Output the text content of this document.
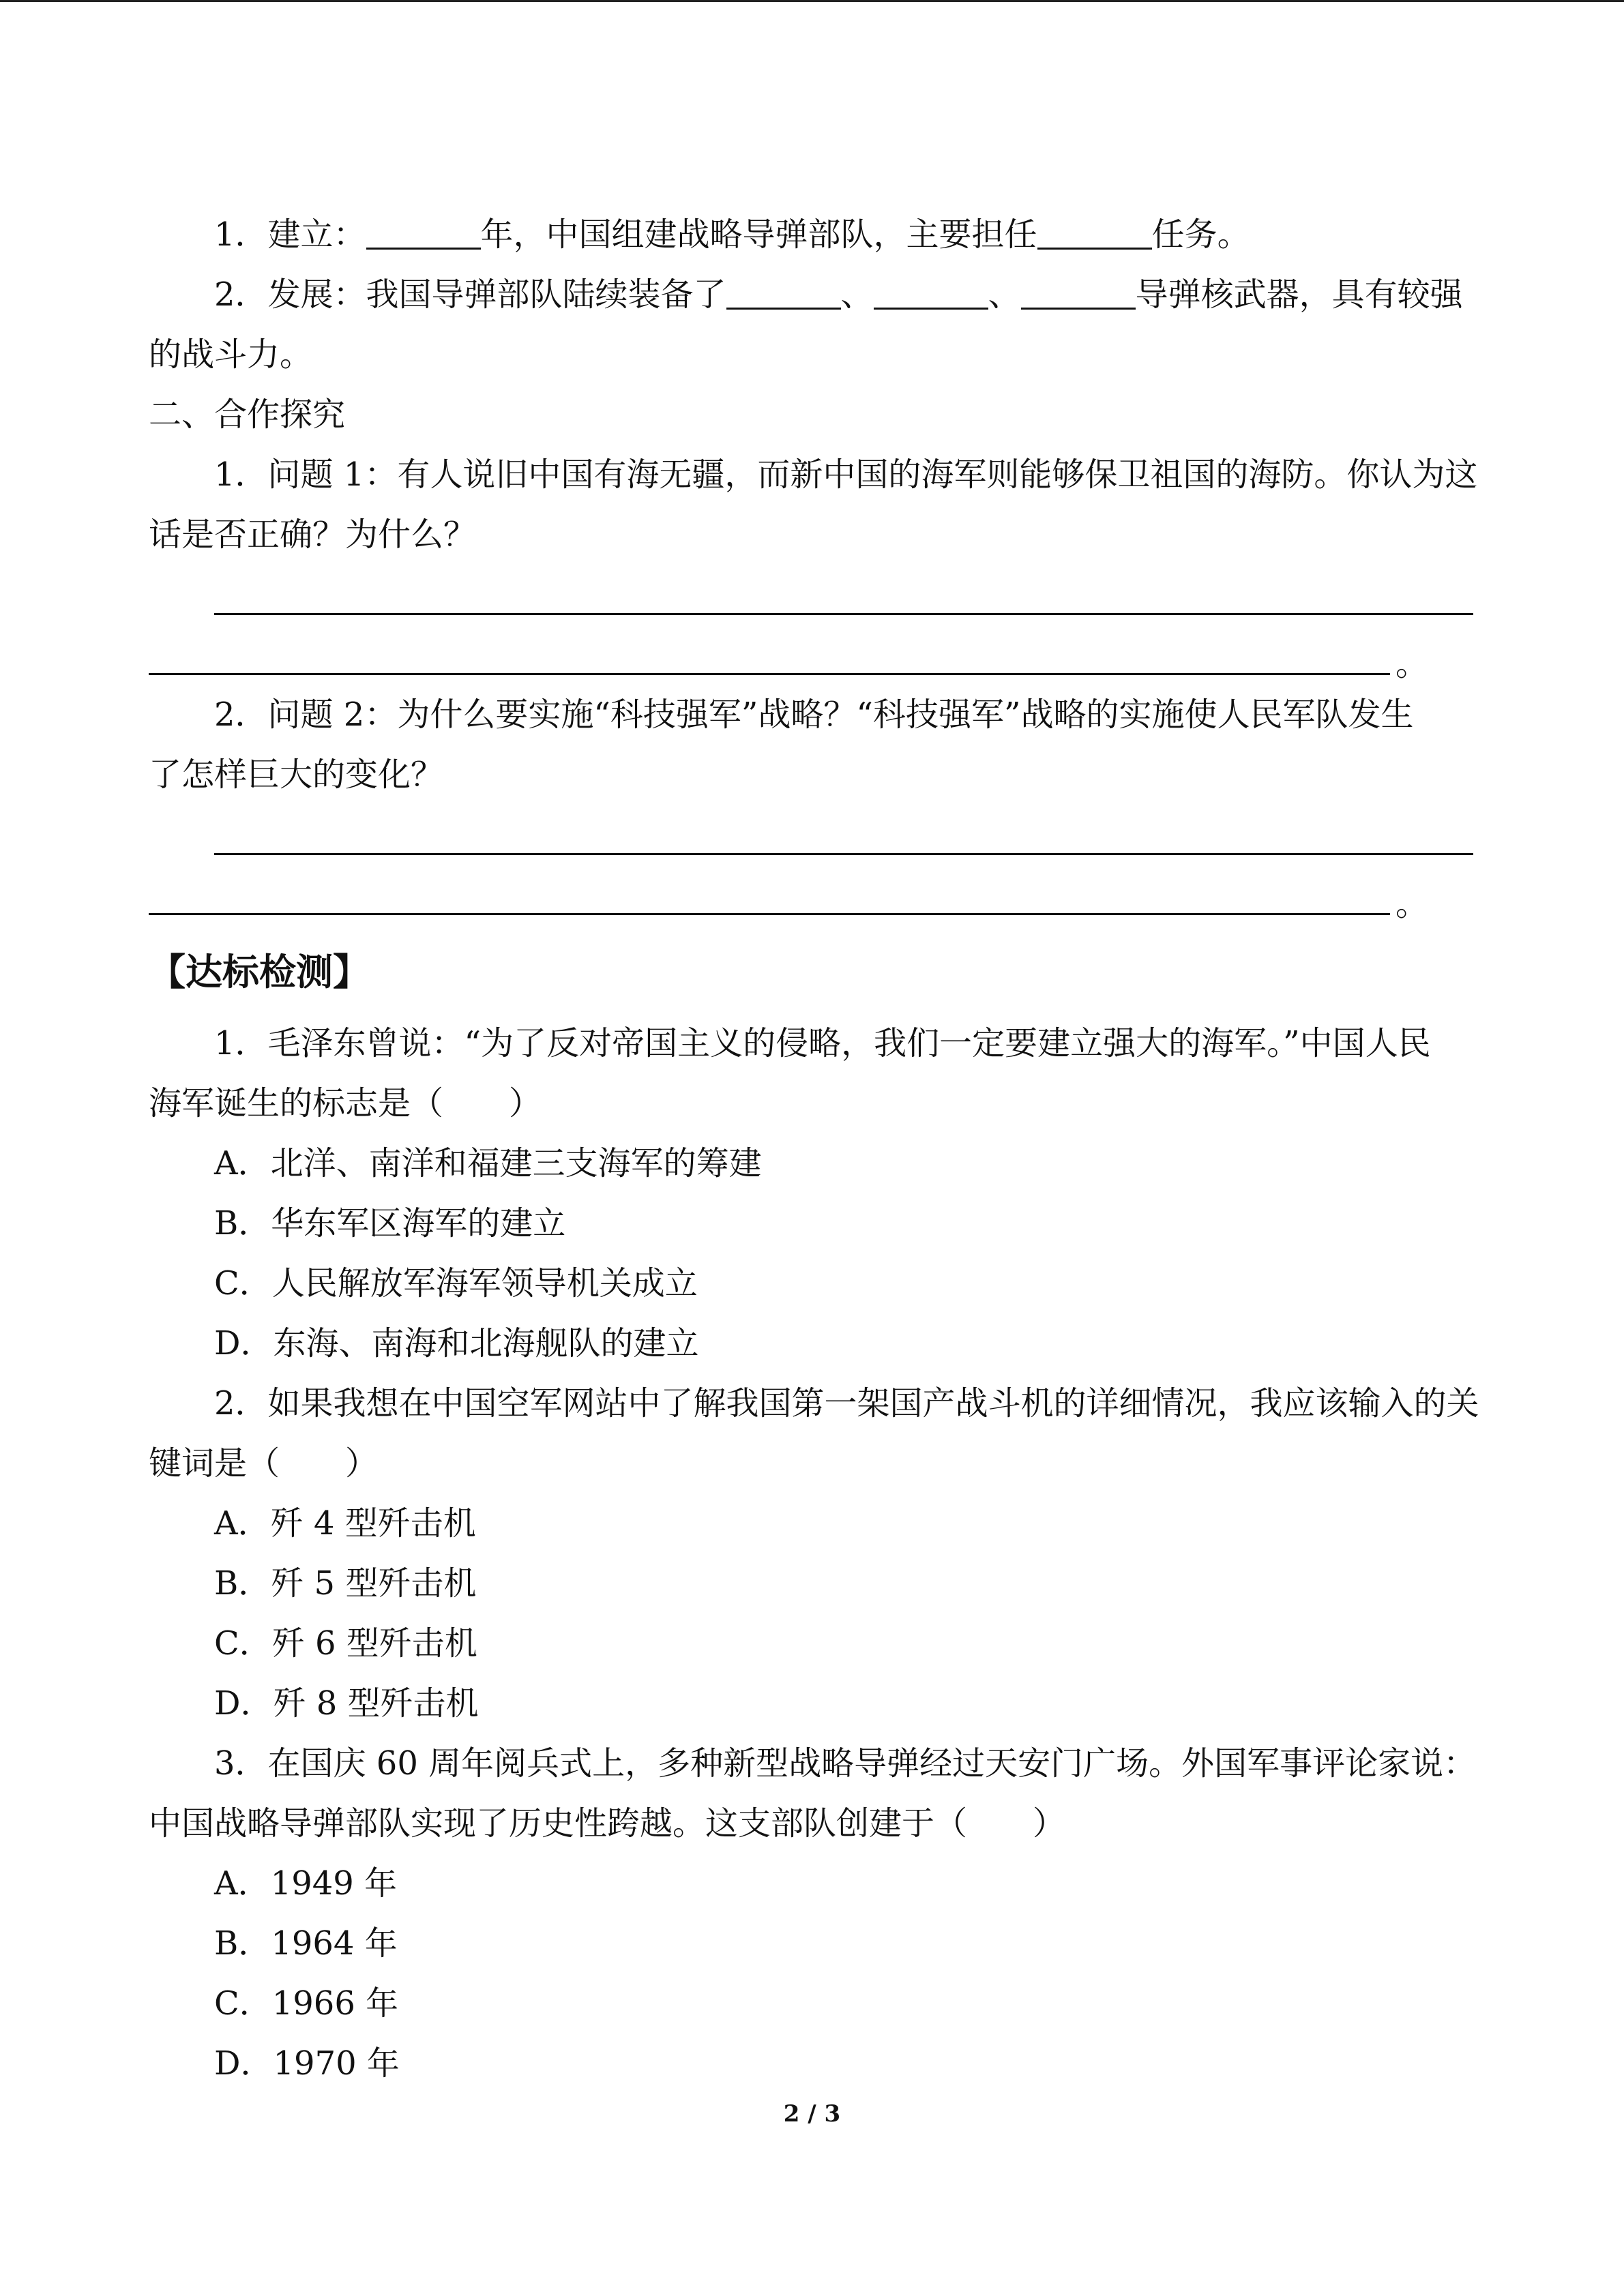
1．建立：	年，中国组建战略导弹部队，主要担任	任务。

2．发展：我国导弹部队陆续装备了	、	、	导弹核武器，具有较强

的战斗力。

二、合作探究

1．问题 1：有人说旧中国有海无疆，而新中国的海军则能够保卫祖国的海防。你认为这

话是否正确？为什么？

。

2．问题 2：为什么要实施“科技强军”战略？“科技强军”战略的实施使人民军队发生

了怎样巨大的变化？

。

【达标检测】

1．毛泽东曾说：“为了反对帝国主义的侵略，我们一定要建立强大的海军。”中国人民

海军诞生的标志是（　　）

A．北洋、南洋和福建三支海军的筹建

B．华东军区海军的建立

C．人民解放军海军领导机关成立

D．东海、南海和北海舰队的建立

2．如果我想在中国空军网站中了解我国第一架国产战斗机的详细情况，我应该输入的关

键词是（　　）

A．歼 4 型歼击机

B．歼 5 型歼击机

C．歼 6 型歼击机

D．歼 8 型歼击机

3．在国庆 60 周年阅兵式上，多种新型战略导弹经过天安门广场。外国军事评论家说：

中国战略导弹部队实现了历史性跨越。这支部队创建于（　　）

A．1949 年

B．1964 年

C．1966 年

D．1970 年

2 / 3
